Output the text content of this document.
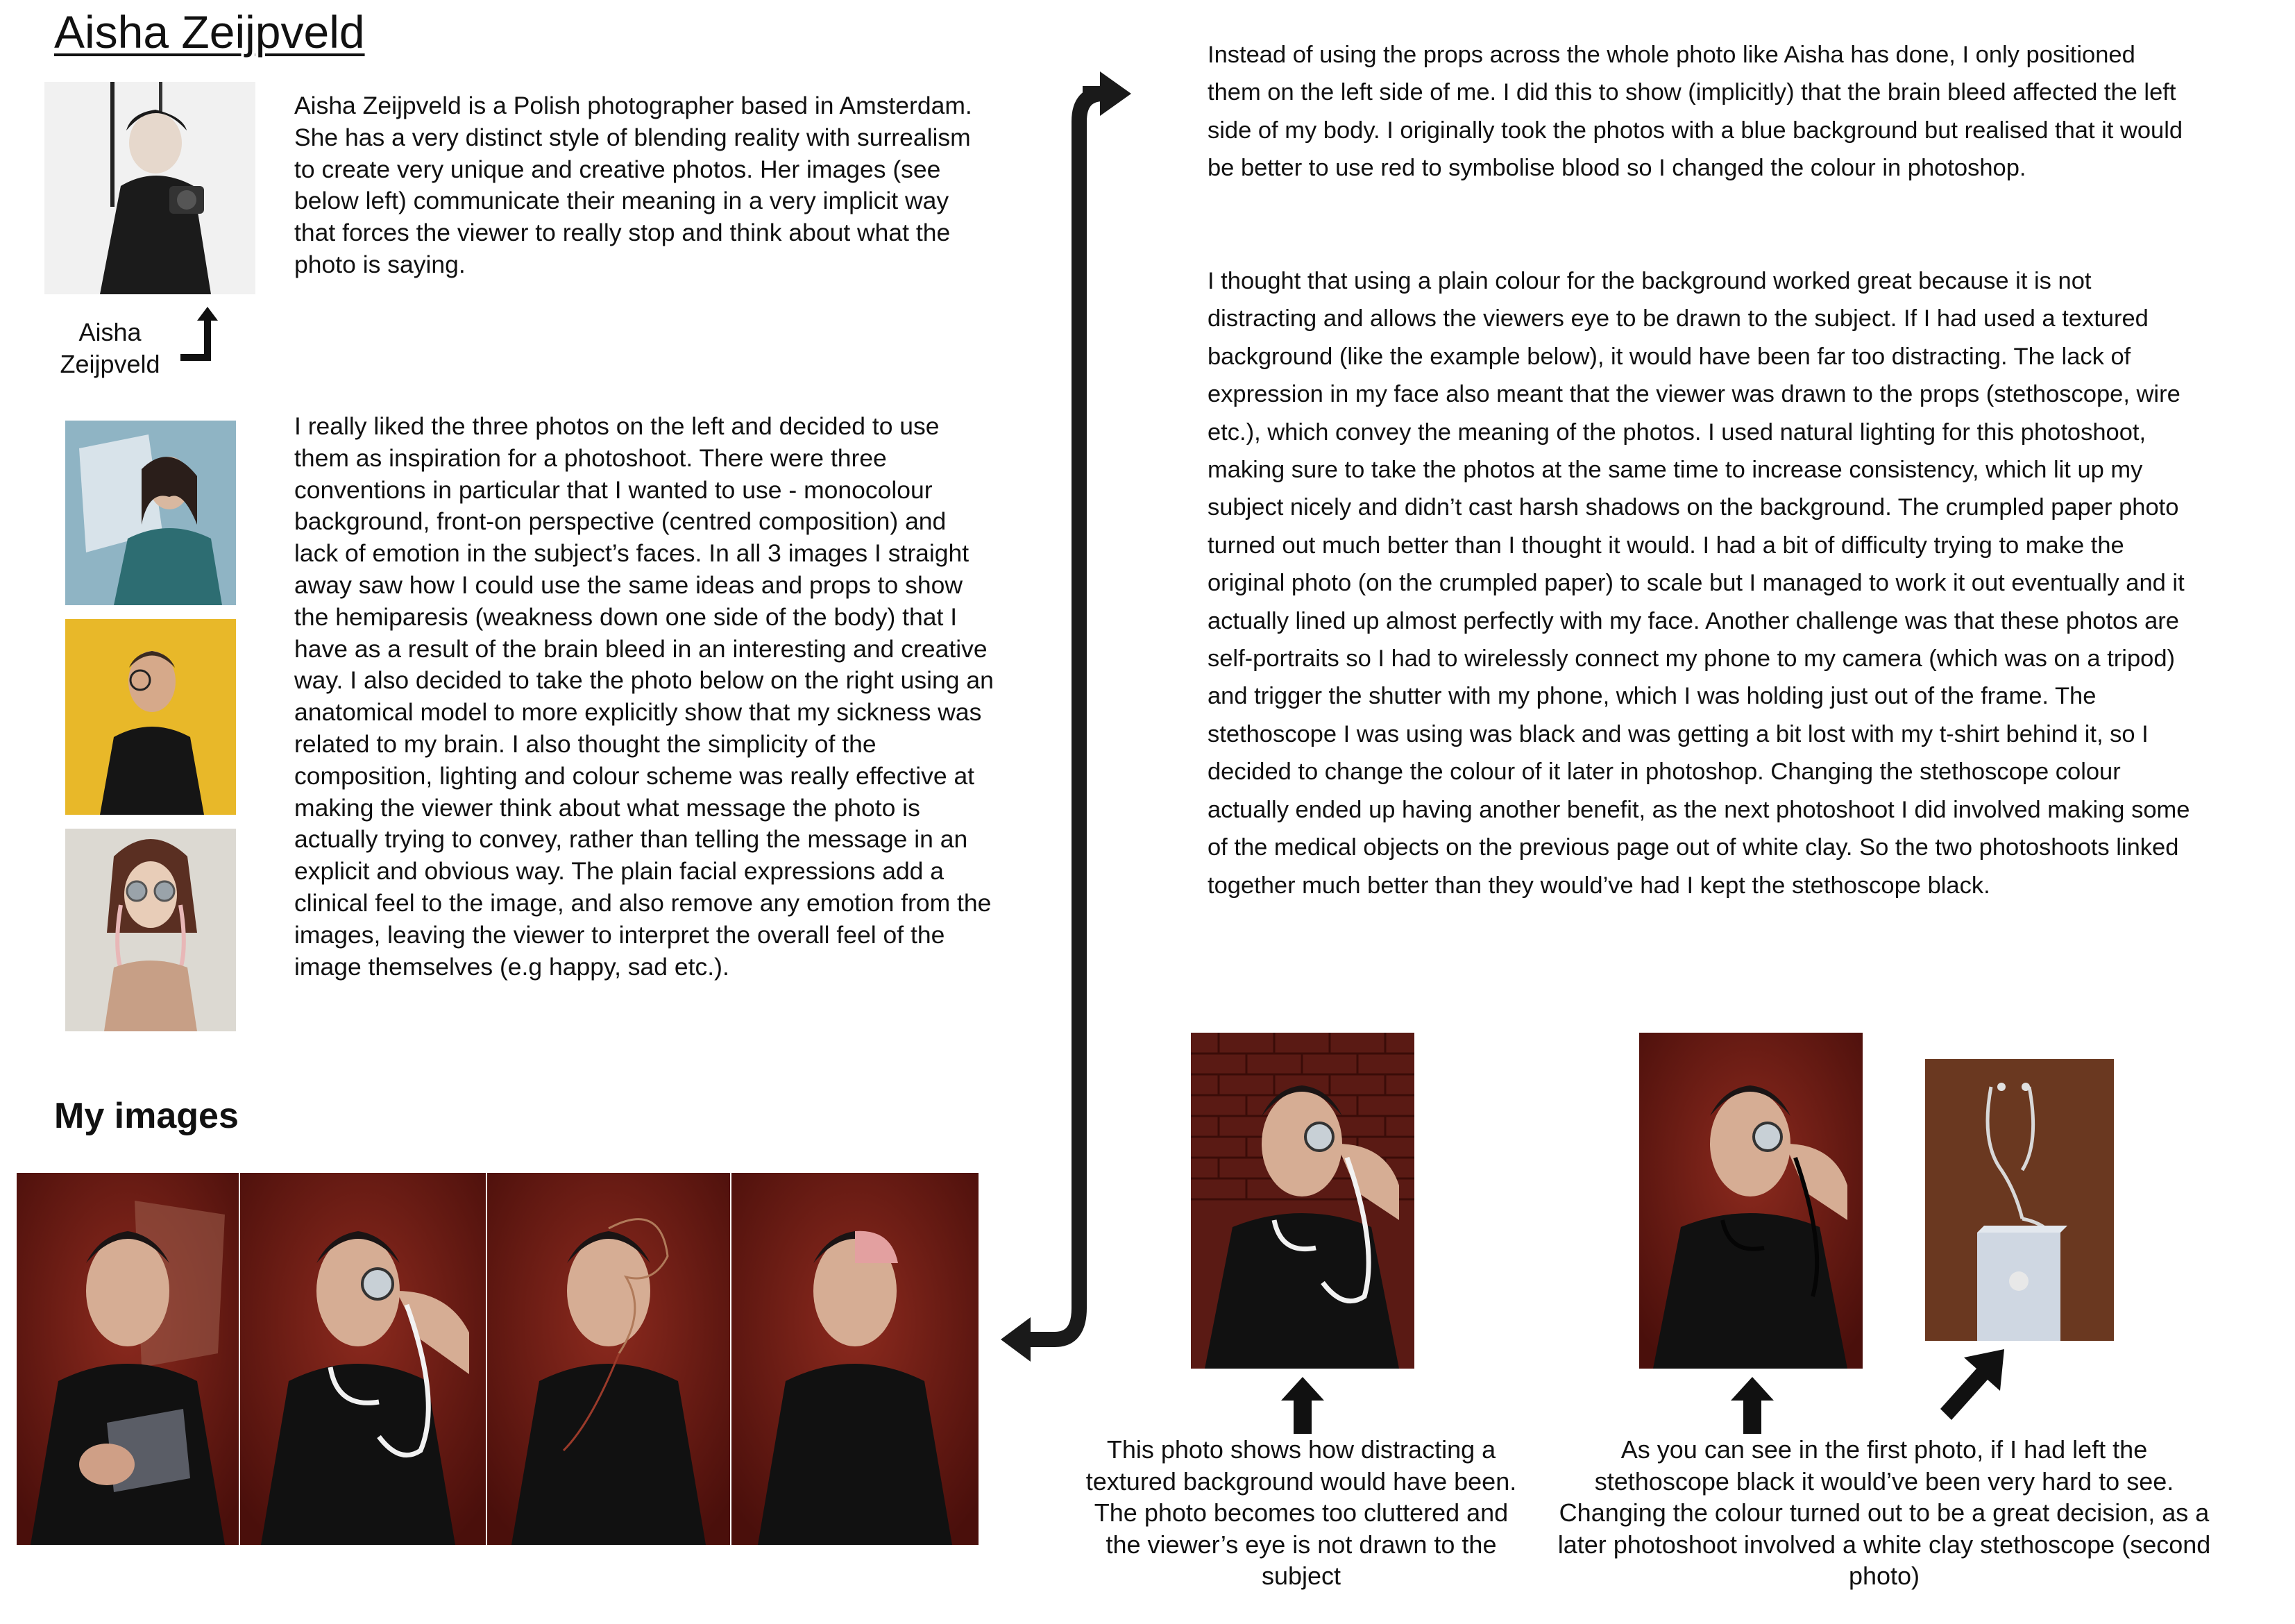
Aisha Zeijpveld
Aisha
Zeijpveld
Aisha Zeijpveld is a Polish photographer based in Amsterdam. She has a very distinct style of blending reality with surrealism to create very unique and creative photos. Her images (see below left) communicate their meaning in a very implicit way that forces the viewer to really stop and think about what the photo is saying.
I really liked the three photos on the left and decided to use them as inspiration for a photoshoot. There were three conventions in particular that I wanted to use - monocolour background, front-on perspective (centred composition) and lack of emotion in the subject’s faces. In all 3 images I straight away saw how I could use the same ideas and props to show the hemiparesis (weakness down one side of the body) that I have as a result of the brain bleed in an interesting and creative way. I also decided to take the photo below on the right using an anatomical model to more explicitly show that my sickness was related to my brain. I also thought the simplicity of the composition, lighting and colour scheme was really effective at making the viewer think about what message the photo is actually trying to convey, rather than telling the message in an explicit and obvious way. The plain facial expressions add a clinical feel to the image, and also remove any emotion from the images, leaving the viewer to interpret the overall feel of the image themselves (e.g happy, sad etc.).
My images
Instead of using the props across the whole photo like Aisha has done, I only positioned them on the left side of me. I did this to show (implicitly) that the brain bleed affected the left side of my body. I originally took the photos with a blue background but realised that it would be better to use red to symbolise blood so I changed the colour in photoshop.
I thought that using a plain colour for the background worked great because it is not distracting and allows the viewers eye to be drawn to the subject. If I had used a textured background (like the example below), it would have been far too distracting. The lack of expression in my face also meant that the viewer was drawn to the props (stethoscope, wire etc.), which convey the meaning of the photos. I used natural lighting for this photoshoot, making sure to take the photos at the same time to increase consistency, which lit up my subject nicely and didn’t cast harsh shadows on the background. The crumpled paper photo turned out much better than I thought it would. I had a bit of difficulty trying to make the original photo (on the crumpled paper) to scale but I managed to work it out eventually and it actually lined up almost perfectly with my face. Another challenge was that these photos are self-portraits so I had to wirelessly connect my phone to my camera (which was on a tripod) and trigger the shutter with my phone, which I was holding just out of the frame. The stethoscope I was using was black and was getting a bit lost with my t-shirt behind it, so I decided to change the colour of it later in photoshop. Changing the stethoscope colour actually ended up having another benefit, as the next photoshoot I did involved making some of the medical objects on the previous page out of white clay. So the two photoshoots linked together much better than they would’ve had I kept the stethoscope black.
This photo shows how distracting a textured background would have been. The photo becomes too cluttered and the viewer’s eye is not drawn to the subject
As you can see in the first photo, if I had left the stethoscope black it would’ve been very hard to see. Changing the colour turned out to be a great decision, as a later photoshoot involved a white clay stethoscope (second photo)
